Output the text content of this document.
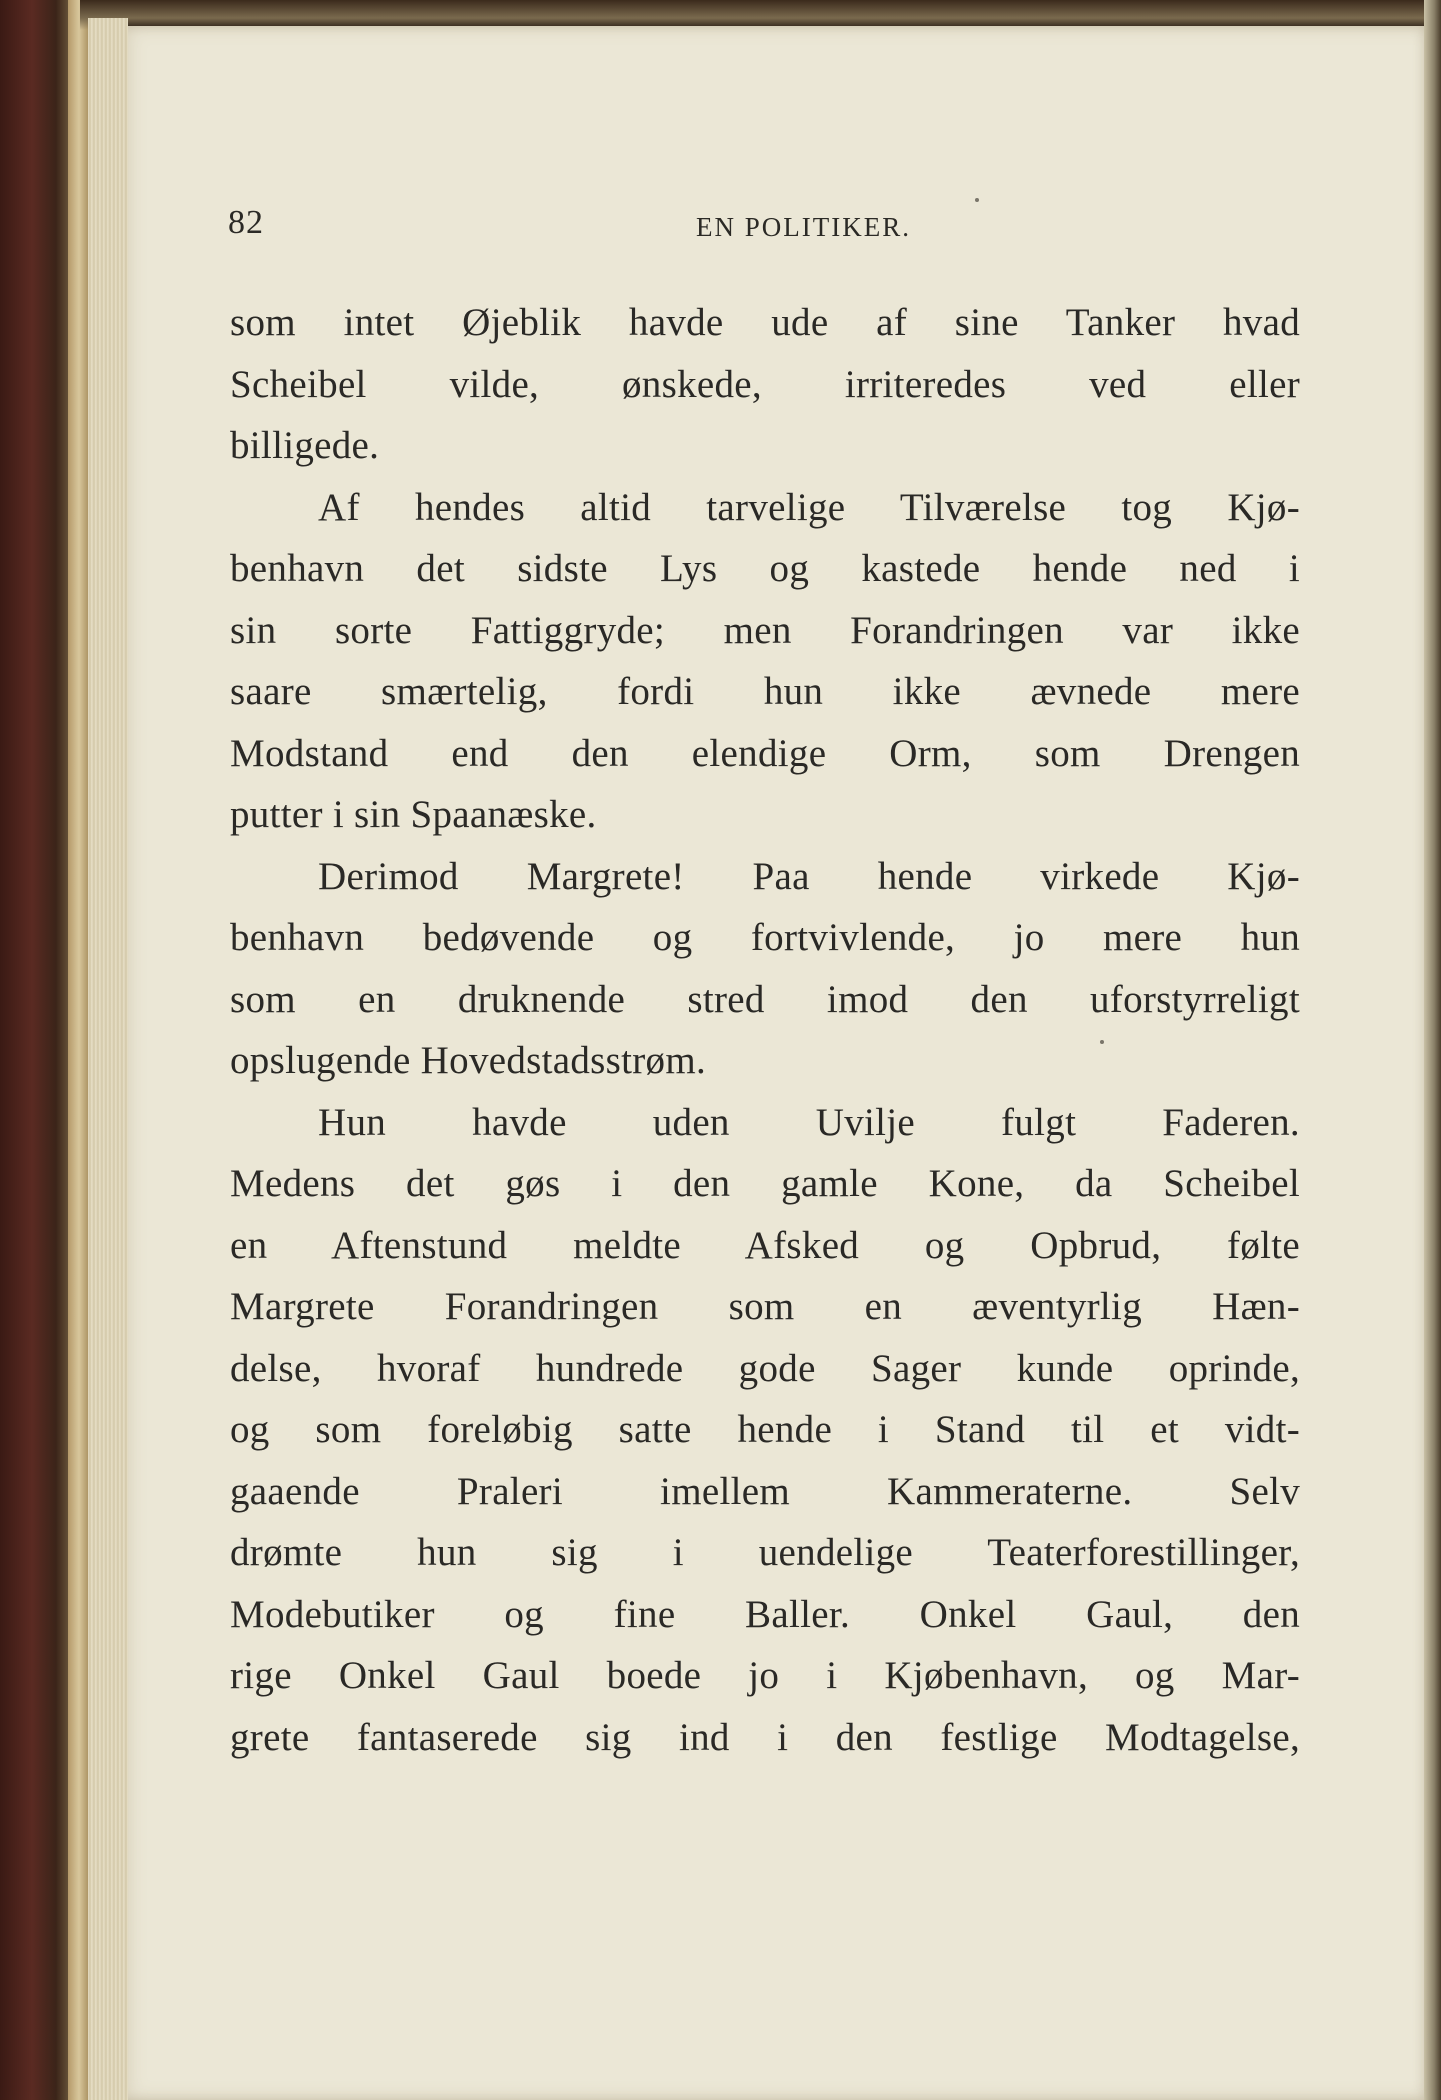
82	EN POLITIKER.
som intet Øjeblik havde ude af sine Tanker hvad
Scheibel vilde, ønskede, irriteredes ved eller
billigede.
Af hendes altid tarvelige Tilværelse tog Kjø-
benhavn det sidste Lys og kastede hende ned i
sin sorte Fattiggryde; men Forandringen var ikke
saare smærtelig, fordi hun ikke ævnede mere
Modstand end den elendige Orm, som Drengen
putter i sin Spaanæske.
Derimod Margrete! Paa hende virkede Kjø-
benhavn bedøvende og fortvivlende, jo mere hun
som en druknende stred imod den uforstyrreligt
opslugende Hovedstadsstrøm.
Hun havde uden Uvilje fulgt Faderen.
Medens det gøs i den gamle Kone, da Scheibel
en Aftenstund meldte Afsked og Opbrud, følte
Margrete Forandringen som en æventyrlig Hæn-
delse, hvoraf hundrede gode Sager kunde oprinde,
og som foreløbig satte hende i Stand til et vidt-
gaaende Praleri imellem Kammeraterne. Selv
drømte hun sig i uendelige Teaterforestillinger,
Modebutiker og fine Baller. Onkel Gaul, den
rige Onkel Gaul boede jo i Kjøbenhavn, og Mar-
grete fantaserede sig ind i den festlige Modtagelse,
